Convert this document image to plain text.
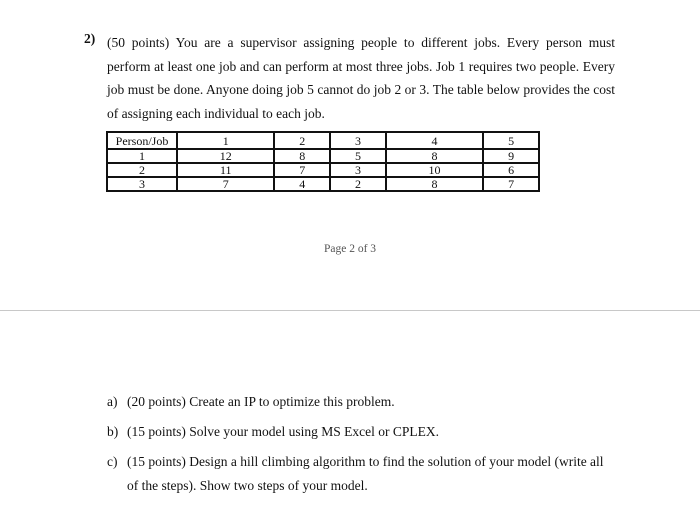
2) (50 points) You are a supervisor assigning people to different jobs. Every person must perform at least one job and can perform at most three jobs. Job 1 requires two people. Every job must be done. Anyone doing job 5 cannot do job 2 or 3. The table below provides the cost of assigning each individual to each job.

Person/Job	1	2	3	4	5
1	12	8	5	8	9
2	11	7	3	10	6
3	7	4	2	8	7
Page 2 of 3
a) (20 points) Create an IP to optimize this problem.

b) (15 points) Solve your model using MS Excel or CPLEX.

c) (15 points) Design a hill climbing algorithm to find the solution of your model (write all of the steps). Show two steps of your model.
